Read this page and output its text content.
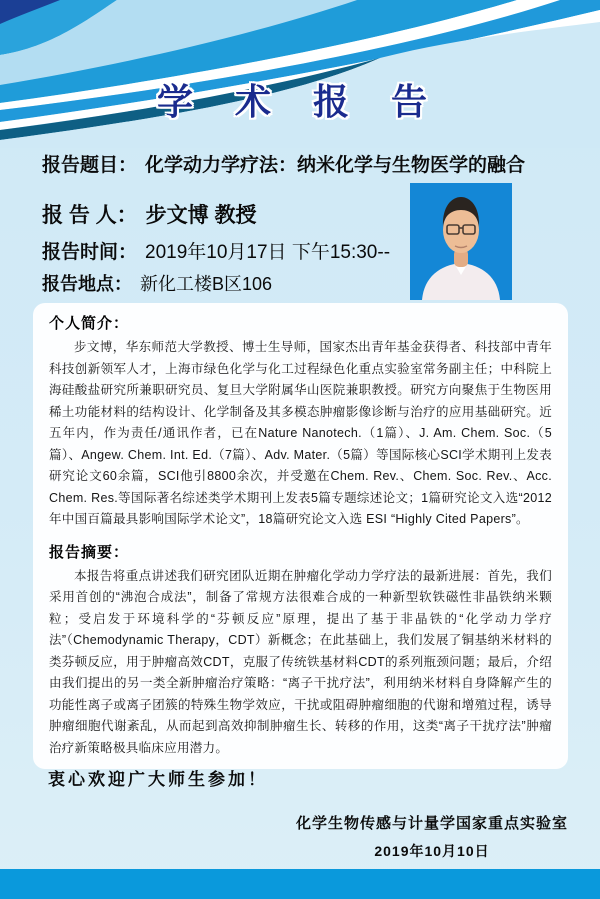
学 术 报 告
报告题目： 化学动力学疗法：纳米化学与生物医学的融合
报 告 人： 步文博 教授
报告时间： 2019年10月17日 下午15:30--
报告地点： 新化工楼B区106
个人简介：

步文博，华东师范大学教授、博士生导师，国家杰出青年基金获得者、科技部中青年科技创新领军人才，上海市绿色化学与化工过程绿色化重点实验室常务副主任；中科院上海硅酸盐研究所兼职研究员、复旦大学附属华山医院兼职教授。研究方向聚焦于生物医用稀土功能材料的结构设计、化学制备及其多模态肿瘤影像诊断与治疗的应用基础研究。近五年内，作为责任/通讯作者，已在Nature Nanotech.（1篇）、J. Am. Chem. Soc.（5篇）、Angew. Chem. Int. Ed.（7篇）、Adv. Mater.（5篇）等国际核心SCI学术期刊上发表研究论文60余篇，SCI他引8800余次，并受邀在Chem. Rev.、Chem. Soc. Rev.、Acc. Chem. Res.等国际著名综述类学术期刊上发表5篇专题综述论文；1篇研究论文入选“2012年中国百篇最具影响国际学术论文”，18篇研究论文入选 ESI “Highly Cited Papers”。

报告摘要：

本报告将重点讲述我们研究团队近期在肿瘤化学动力学疗法的最新进展：首先，我们采用首创的“沸泡合成法”，制备了常规方法很难合成的一种新型软铁磁性非晶铁纳米颗粒；受启发于环境科学的“芬顿反应”原理，提出了基于非晶铁的“化学动力学疗法”（Chemodynamic Therapy，CDT）新概念；在此基础上，我们发展了铜基纳米材料的类芬顿反应，用于肿瘤高效CDT，克服了传统铁基材料CDT的系列瓶颈问题；最后，介绍由我们提出的另一类全新肿瘤治疗策略：“离子干扰疗法”，利用纳米材料自身降解产生的功能性离子或离子团簇的特殊生物学效应，干扰或阻碍肿瘤细胞的代谢和增殖过程，诱导肿瘤细胞代谢紊乱，从而起到高效抑制肿瘤生长、转移的作用，这类“离子干扰疗法”肿瘤治疗新策略极具临床应用潜力。

衷心欢迎广大师生参加！
化学生物传感与计量学国家重点实验室
2019年10月10日
